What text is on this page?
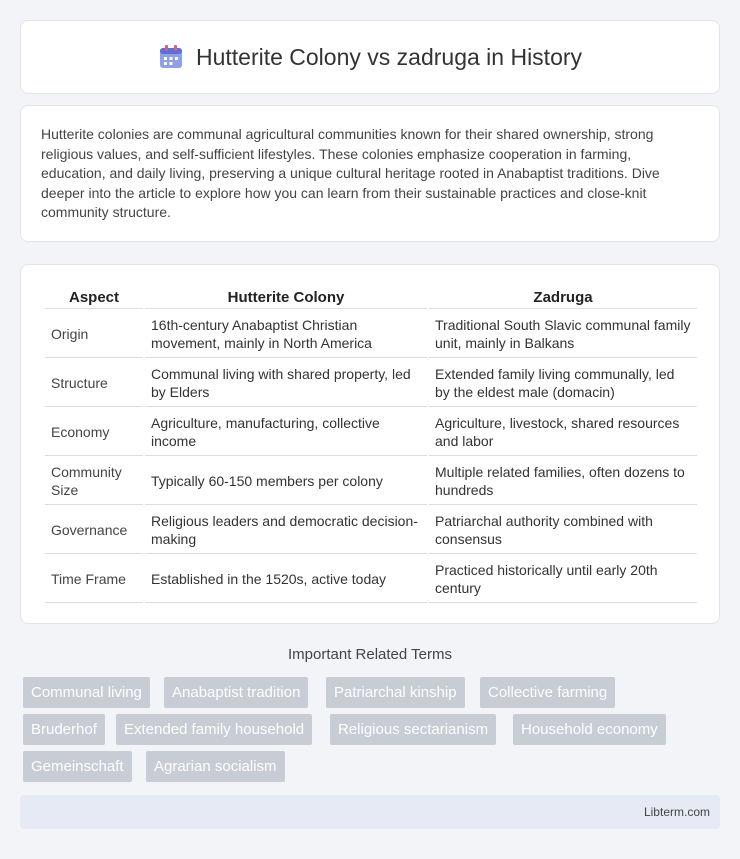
Hutterite Colony vs zadruga in History

Hutterite colonies are communal agricultural communities known for their shared ownership, strong religious values, and self-sufficient lifestyles. These colonies emphasize cooperation in farming, education, and daily living, preserving a unique cultural heritage rooted in Anabaptist traditions. Dive deeper into the article to explore how you can learn from their sustainable practices and close-knit community structure.

Aspect	Hutterite Colony	Zadruga
Origin	16th-century Anabaptist Christian movement, mainly in North America	Traditional South Slavic communal family unit, mainly in Balkans
Structure	Communal living with shared property, led by Elders	Extended family living communally, led by the eldest male (domacin)
Economy	Agriculture, manufacturing, collective income	Agriculture, livestock, shared resources and labor
Community Size	Typically 60-150 members per colony	Multiple related families, often dozens to hundreds
Governance	Religious leaders and democratic decision-making	Patriarchal authority combined with consensus
Time Frame	Established in the 1520s, active today	Practiced historically until early 20th century
Important Related Terms
Communal living	Anabaptist tradition	Patriarchal kinship	Collective farming
Bruderhof	Extended family household	Religious sectarianism	Household economy
Gemeinschaft	Agrarian socialism
Libterm.com
